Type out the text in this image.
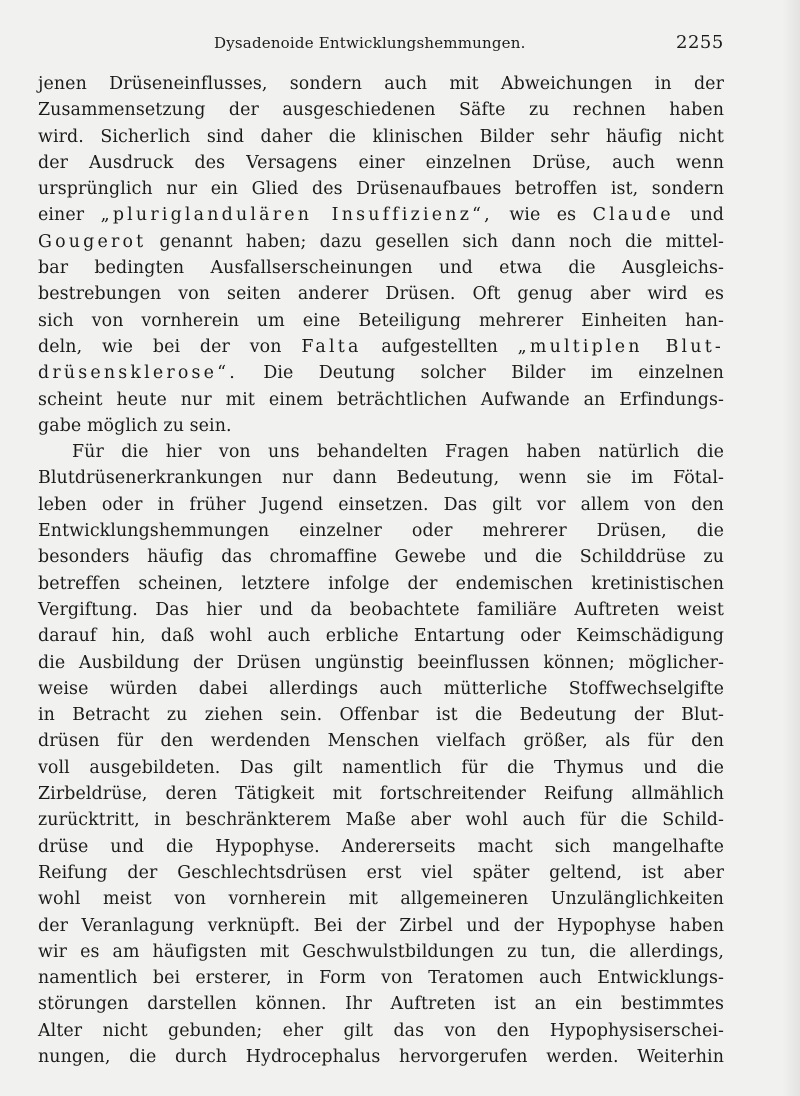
Dysadenoide Entwicklungshemmungen.	2255
jenen Drüseneinflusses, sondern auch mit Abweichungen in der
Zusammensetzung der ausgeschiedenen Säfte zu rechnen haben
wird. Sicherlich sind daher die klinischen Bilder sehr häufig nicht
der Ausdruck des Versagens einer einzelnen Drüse, auch wenn
ursprünglich nur ein Glied des Drüsenaufbaues betroffen ist, sondern
einer „pluriglandulären Insuffizienz“, wie es Claude und
Gougerot genannt haben; dazu gesellen sich dann noch die mittel-
bar bedingten Ausfallserscheinungen und etwa die Ausgleichs-
bestrebungen von seiten anderer Drüsen. Oft genug aber wird es
sich von vornherein um eine Beteiligung mehrerer Einheiten han-
deln, wie bei der von Falta aufgestellten „multiplen Blut-
drüsensklerose“. Die Deutung solcher Bilder im einzelnen
scheint heute nur mit einem beträchtlichen Aufwande an Erfindungs-
gabe möglich zu sein.
Für die hier von uns behandelten Fragen haben natürlich die
Blutdrüsenerkrankungen nur dann Bedeutung, wenn sie im Fötal-
leben oder in früher Jugend einsetzen. Das gilt vor allem von den
Entwicklungshemmungen einzelner oder mehrerer Drüsen, die
besonders häufig das chromaffine Gewebe und die Schilddrüse zu
betreffen scheinen, letztere infolge der endemischen kretinistischen
Vergiftung. Das hier und da beobachtete familiäre Auftreten weist
darauf hin, daß wohl auch erbliche Entartung oder Keimschädigung
die Ausbildung der Drüsen ungünstig beeinflussen können; möglicher-
weise würden dabei allerdings auch mütterliche Stoffwechselgifte
in Betracht zu ziehen sein. Offenbar ist die Bedeutung der Blut-
drüsen für den werdenden Menschen vielfach größer, als für den
voll ausgebildeten. Das gilt namentlich für die Thymus und die
Zirbeldrüse, deren Tätigkeit mit fortschreitender Reifung allmählich
zurücktritt, in beschränkterem Maße aber wohl auch für die Schild-
drüse und die Hypophyse. Andererseits macht sich mangelhafte
Reifung der Geschlechtsdrüsen erst viel später geltend, ist aber
wohl meist von vornherein mit allgemeineren Unzulänglichkeiten
der Veranlagung verknüpft. Bei der Zirbel und der Hypophyse haben
wir es am häufigsten mit Geschwulstbildungen zu tun, die allerdings,
namentlich bei ersterer, in Form von Teratomen auch Entwicklungs-
störungen darstellen können. Ihr Auftreten ist an ein bestimmtes
Alter nicht gebunden; eher gilt das von den Hypophysiserschei-
nungen, die durch Hydrocephalus hervorgerufen werden. Weiterhin
